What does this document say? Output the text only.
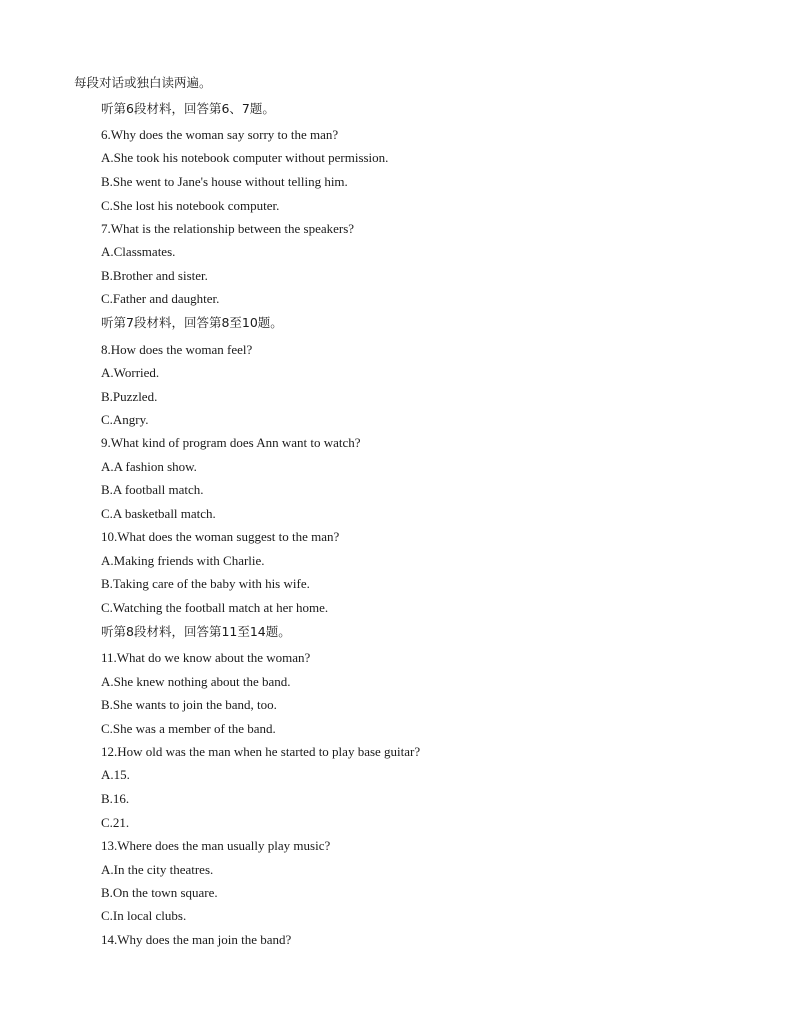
每段对话或独白读两遍。
听第6段材料，回答第6、7题。
6.Why does the woman say sorry to the man?
A.She took his notebook computer without permission.
B.She went to Jane's house without telling him.
C.She lost his notebook computer.
7.What is the relationship between the speakers?
A.Classmates.
B.Brother and sister.
C.Father and daughter.
听第7段材料，回答第8至10题。
8.How does the woman feel?
A.Worried.
B.Puzzled.
C.Angry.
9.What kind of program does Ann want to watch?
A.A fashion show.
B.A football match.
C.A basketball match.
10.What does the woman suggest to the man?
A.Making friends with Charlie.
B.Taking care of the baby with his wife.
C.Watching the football match at her home.
听第8段材料，回答第11至14题。
11.What do we know about the woman?
A.She knew nothing about the band.
B.She wants to join the band, too.
C.She was a member of the band.
12.How old was the man when he started to play base guitar?
A.15.
B.16.
C.21.
13.Where does the man usually play music?
A.In the city theatres.
B.On the town square.
C.In local clubs.
14.Why does the man join the band?
